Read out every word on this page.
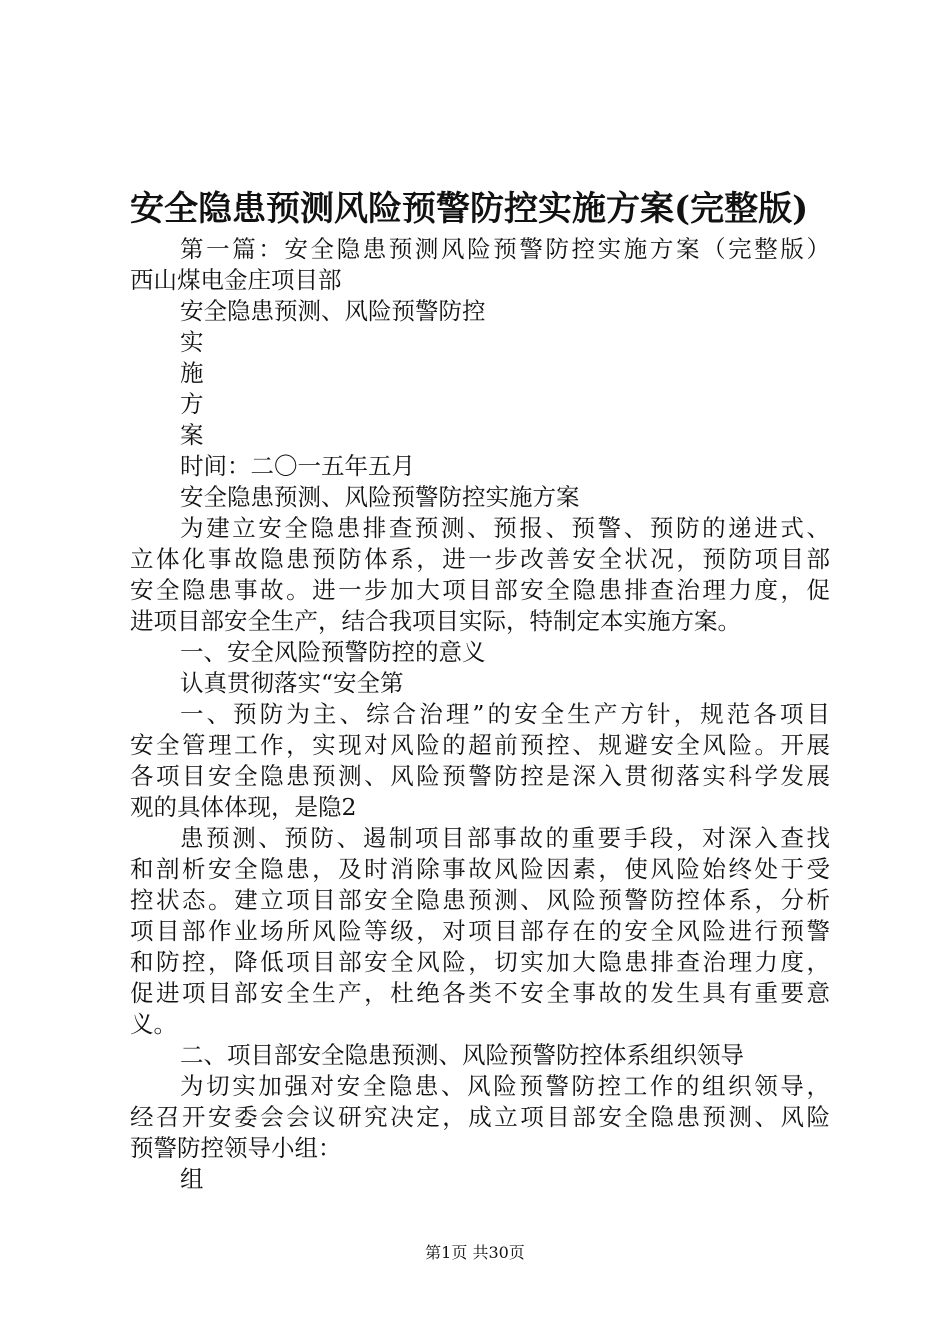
安全隐患预测风险预警防控实施方案(完整版)
第一篇：安全隐患预测风险预警防控实施方案（完整版）
西山煤电金庄项目部
安全隐患预测、风险预警防控
实
施
方
案
时间：二〇一五年五月
安全隐患预测、风险预警防控实施方案
为建立安全隐患排查预测、预报、预警、预防的递进式、
立体化事故隐患预防体系，进一步改善安全状况，预防项目部
安全隐患事故。进一步加大项目部安全隐患排查治理力度，促
进项目部安全生产，结合我项目实际，特制定本实施方案。
一、安全风险预警防控的意义
认真贯彻落实“安全第
一、预防为主、综合治理”的安全生产方针，规范各项目
安全管理工作，实现对风险的超前预控、规避安全风险。开展
各项目安全隐患预测、风险预警防控是深入贯彻落实科学发展
观的具体体现，是隐2
患预测、预防、遏制项目部事故的重要手段，对深入查找
和剖析安全隐患，及时消除事故风险因素，使风险始终处于受
控状态。建立项目部安全隐患预测、风险预警防控体系，分析
项目部作业场所风险等级，对项目部存在的安全风险进行预警
和防控，降低项目部安全风险，切实加大隐患排查治理力度，
促进项目部安全生产，杜绝各类不安全事故的发生具有重要意
义。
二、项目部安全隐患预测、风险预警防控体系组织领导
为切实加强对安全隐患、风险预警防控工作的组织领导，
经召开安委会会议研究决定，成立项目部安全隐患预测、风险
预警防控领导小组：
组
第1页 共30页
